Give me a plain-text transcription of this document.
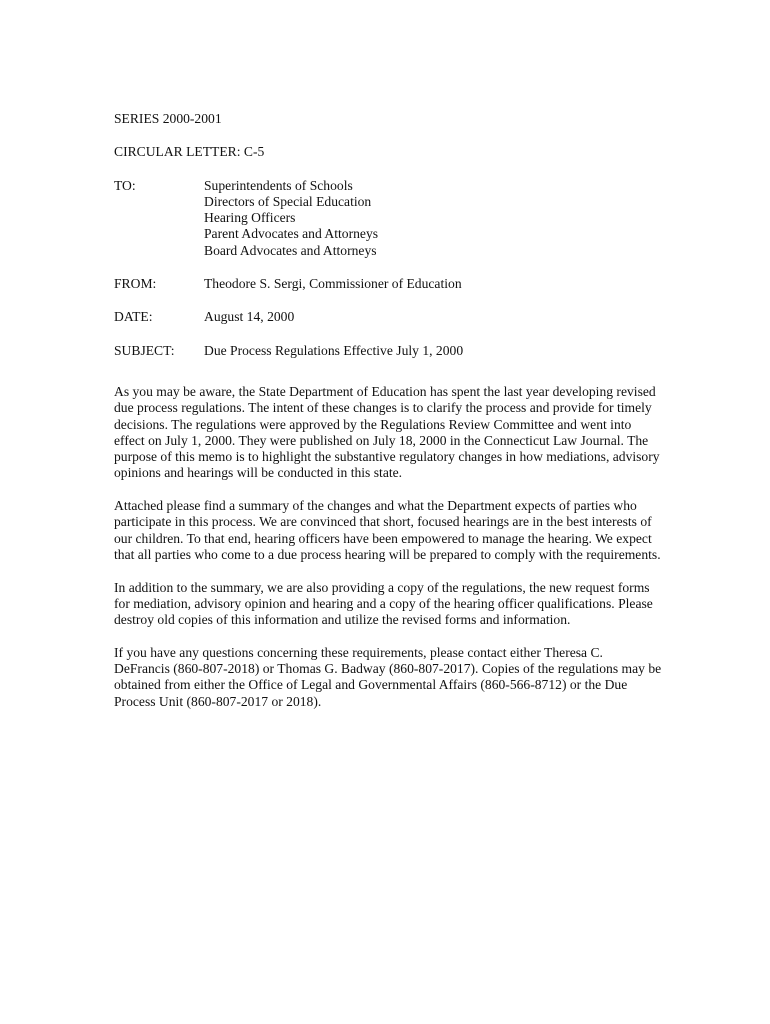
SERIES 2000-2001
CIRCULAR LETTER: C-5
TO:	Superintendents of Schools
Directors of Special Education
Hearing Officers
Parent Advocates and Attorneys
Board Advocates and Attorneys
FROM:	Theodore S. Sergi, Commissioner of Education
DATE:	August 14, 2000
SUBJECT:	Due Process Regulations Effective July 1, 2000

As you may be aware, the State Department of Education has spent the last year developing revised due process regulations. The intent of these changes is to clarify the process and provide for timely decisions. The regulations were approved by the Regulations Review Committee and went into effect on July 1, 2000. They were published on July 18, 2000 in the Connecticut Law Journal. The purpose of this memo is to highlight the substantive regulatory changes in how mediations, advisory opinions and hearings will be conducted in this state.

Attached please find a summary of the changes and what the Department expects of parties who participate in this process. We are convinced that short, focused hearings are in the best interests of our children. To that end, hearing officers have been empowered to manage the hearing. We expect that all parties who come to a due process hearing will be prepared to comply with the requirements.

In addition to the summary, we are also providing a copy of the regulations, the new request forms for mediation, advisory opinion and hearing and a copy of the hearing officer qualifications. Please destroy old copies of this information and utilize the revised forms and information.

If you have any questions concerning these requirements, please contact either Theresa C. DeFrancis (860-807-2018) or Thomas G. Badway (860-807-2017). Copies of the regulations may be obtained from either the Office of Legal and Governmental Affairs (860-566-8712) or the Due Process Unit (860-807-2017 or 2018).
